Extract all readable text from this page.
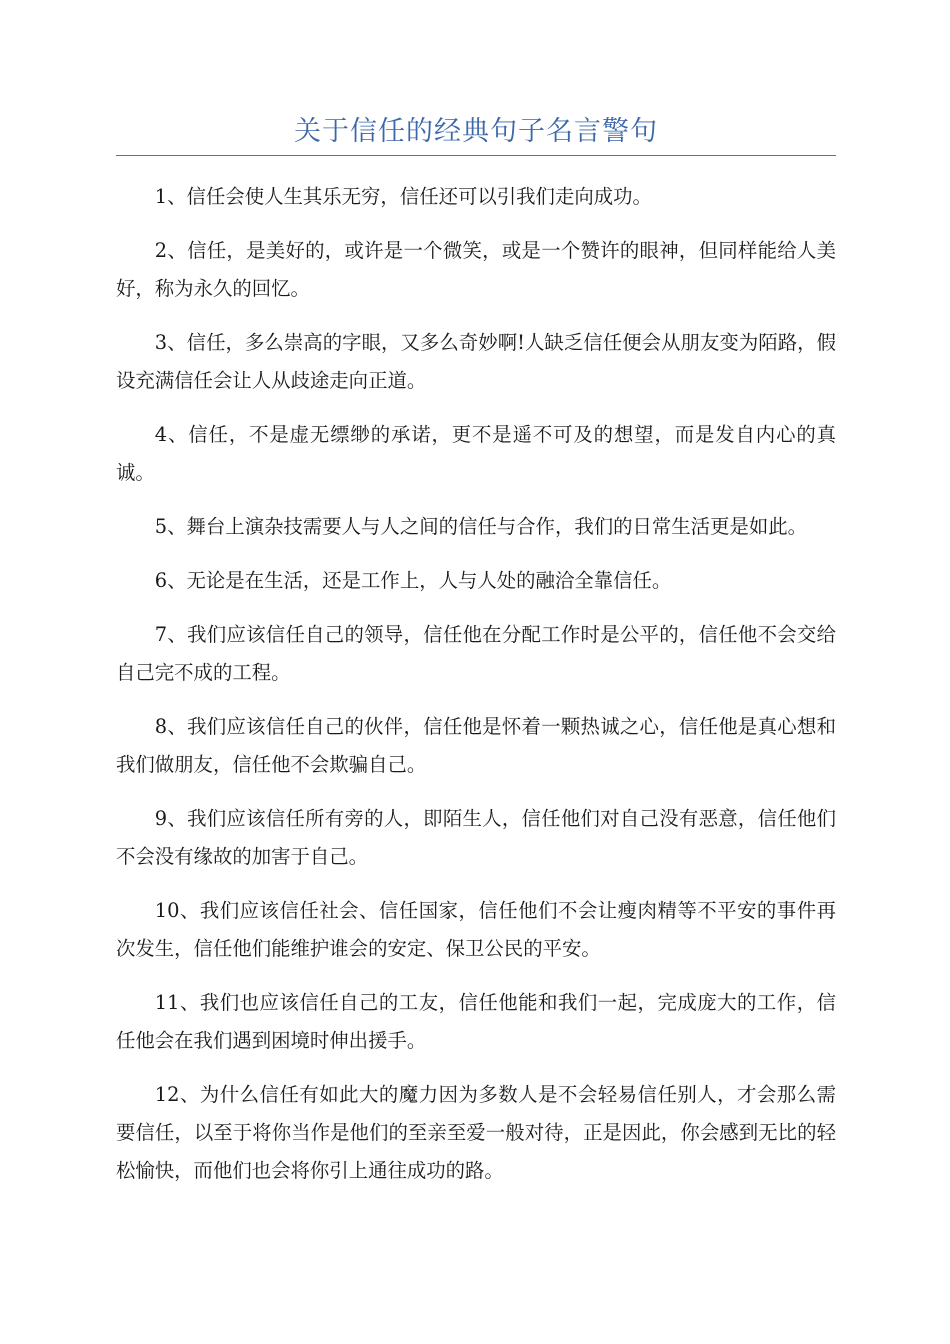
关于信任的经典句子名言警句

1、信任会使人生其乐无穷，信任还可以引我们走向成功。

2、信任，是美好的，或许是一个微笑，或是一个赞许的眼神，但同样能给人美好，称为永久的回忆。

3、信任，多么崇高的字眼，又多么奇妙啊!人缺乏信任便会从朋友变为陌路，假设充满信任会让人从歧途走向正道。

4、信任，不是虚无缥缈的承诺，更不是遥不可及的想望，而是发自内心的真诚。

5、舞台上演杂技需要人与人之间的信任与合作，我们的日常生活更是如此。

6、无论是在生活，还是工作上，人与人处的融洽全靠信任。

7、我们应该信任自己的领导，信任他在分配工作时是公平的，信任他不会交给自己完不成的工程。

8、我们应该信任自己的伙伴，信任他是怀着一颗热诚之心，信任他是真心想和我们做朋友，信任他不会欺骗自己。

9、我们应该信任所有旁的人，即陌生人，信任他们对自己没有恶意，信任他们不会没有缘故的加害于自己。

10、我们应该信任社会、信任国家，信任他们不会让瘦肉精等不平安的事件再次发生，信任他们能维护谁会的安定、保卫公民的平安。

11、我们也应该信任自己的工友，信任他能和我们一起，完成庞大的工作，信任他会在我们遇到困境时伸出援手。

12、为什么信任有如此大的魔力因为多数人是不会轻易信任别人，才会那么需要信任，以至于将你当作是他们的至亲至爱一般对待，正是因此，你会感到无比的轻松愉快，而他们也会将你引上通往成功的路。
